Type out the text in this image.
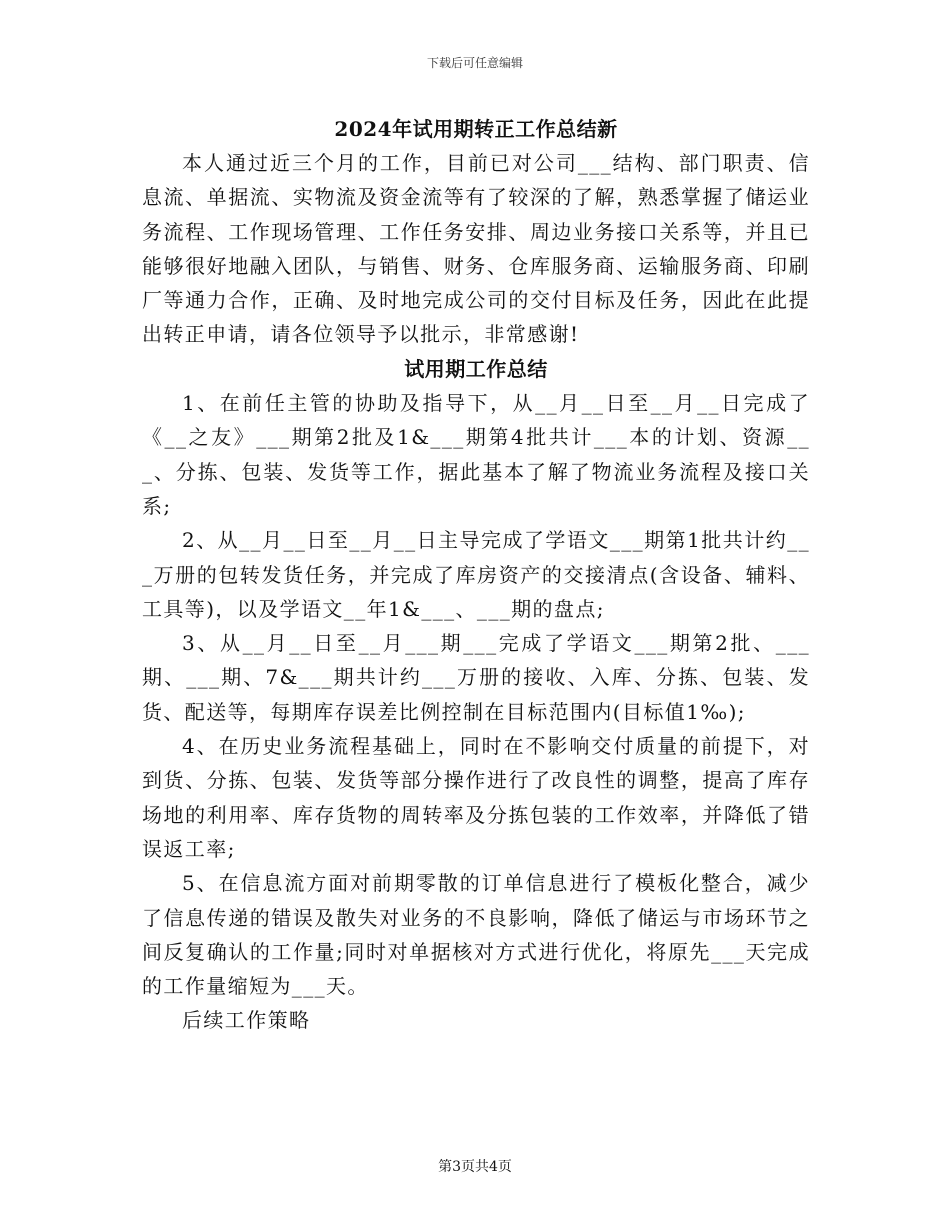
下载后可任意编辑
2024年试用期转正工作总结新

本人通过近三个月的工作，目前已对公司___结构、部门职责、信息流、单据流、实物流及资金流等有了较深的了解，熟悉掌握了储运业务流程、工作现场管理、工作任务安排、周边业务接口关系等，并且已能够很好地融入团队，与销售、财务、仓库服务商、运输服务商、印刷厂等通力合作，正确、及时地完成公司的交付目标及任务，因此在此提出转正申请，请各位领导予以批示，非常感谢!

试用期工作总结

1、在前任主管的协助及指导下，从__月__日至__月__日完成了《__之友》___期第2批及1&___期第4批共计___本的计划、资源___、分拣、包装、发货等工作，据此基本了解了物流业务流程及接口关系;

2、从__月__日至__月__日主导完成了学语文___期第1批共计约___万册的包转发货任务，并完成了库房资产的交接清点(含设备、辅料、工具等)，以及学语文__年1&___、___期的盘点;

3、从__月__日至__月___期___完成了学语文___期第2批、___期、___期、7&___期共计约___万册的接收、入库、分拣、包装、发货、配送等，每期库存误差比例控制在目标范围内(目标值1‰);

4、在历史业务流程基础上，同时在不影响交付质量的前提下，对到货、分拣、包装、发货等部分操作进行了改良性的调整，提高了库存场地的利用率、库存货物的周转率及分拣包装的工作效率，并降低了错误返工率;

5、在信息流方面对前期零散的订单信息进行了模板化整合，减少了信息传递的错误及散失对业务的不良影响，降低了储运与市场环节之间反复确认的工作量;同时对单据核对方式进行优化，将原先___天完成的工作量缩短为___天。

后续工作策略

第3页共4页
